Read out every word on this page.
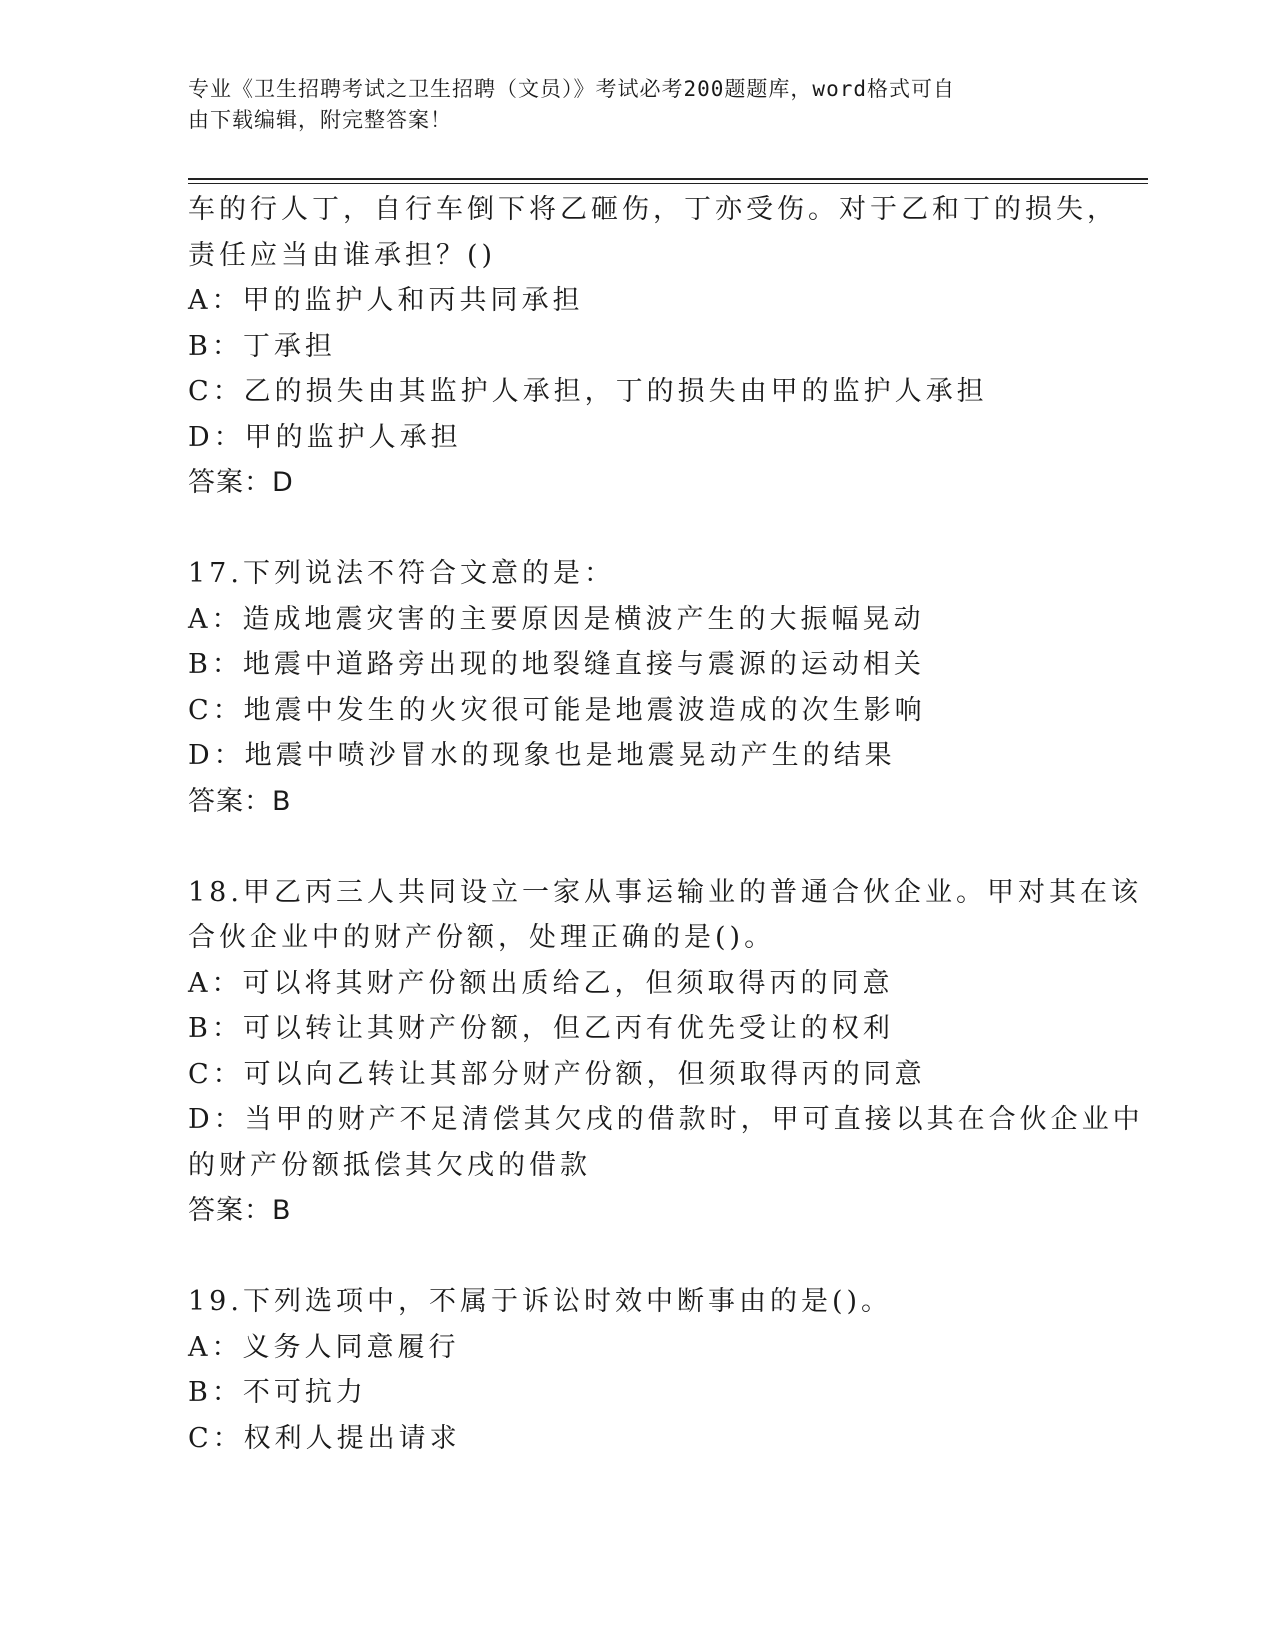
专业《卫生招聘考试之卫生招聘（文员）》考试必考200题题库，word格式可自
由下载编辑，附完整答案！
车的行人丁，自行车倒下将乙砸伤，丁亦受伤。对于乙和丁的损失，
责任应当由谁承担？()
A：甲的监护人和丙共同承担
B：丁承担
C：乙的损失由其监护人承担，丁的损失由甲的监护人承担
D：甲的监护人承担
答案：D
17.下列说法不符合文意的是：
A：造成地震灾害的主要原因是横波产生的大振幅晃动
B：地震中道路旁出现的地裂缝直接与震源的运动相关
C：地震中发生的火灾很可能是地震波造成的次生影响
D：地震中喷沙冒水的现象也是地震晃动产生的结果
答案：B
18.甲乙丙三人共同设立一家从事运输业的普通合伙企业。甲对其在该
合伙企业中的财产份额，处理正确的是()。
A：可以将其财产份额出质给乙，但须取得丙的同意
B：可以转让其财产份额，但乙丙有优先受让的权利
C：可以向乙转让其部分财产份额，但须取得丙的同意
D：当甲的财产不足清偿其欠戌的借款时，甲可直接以其在合伙企业中
的财产份额抵偿其欠戌的借款
答案：B
19.下列选项中，不属于诉讼时效中断事由的是()。
A：义务人同意履行
B：不可抗力
C：权利人提出请求
